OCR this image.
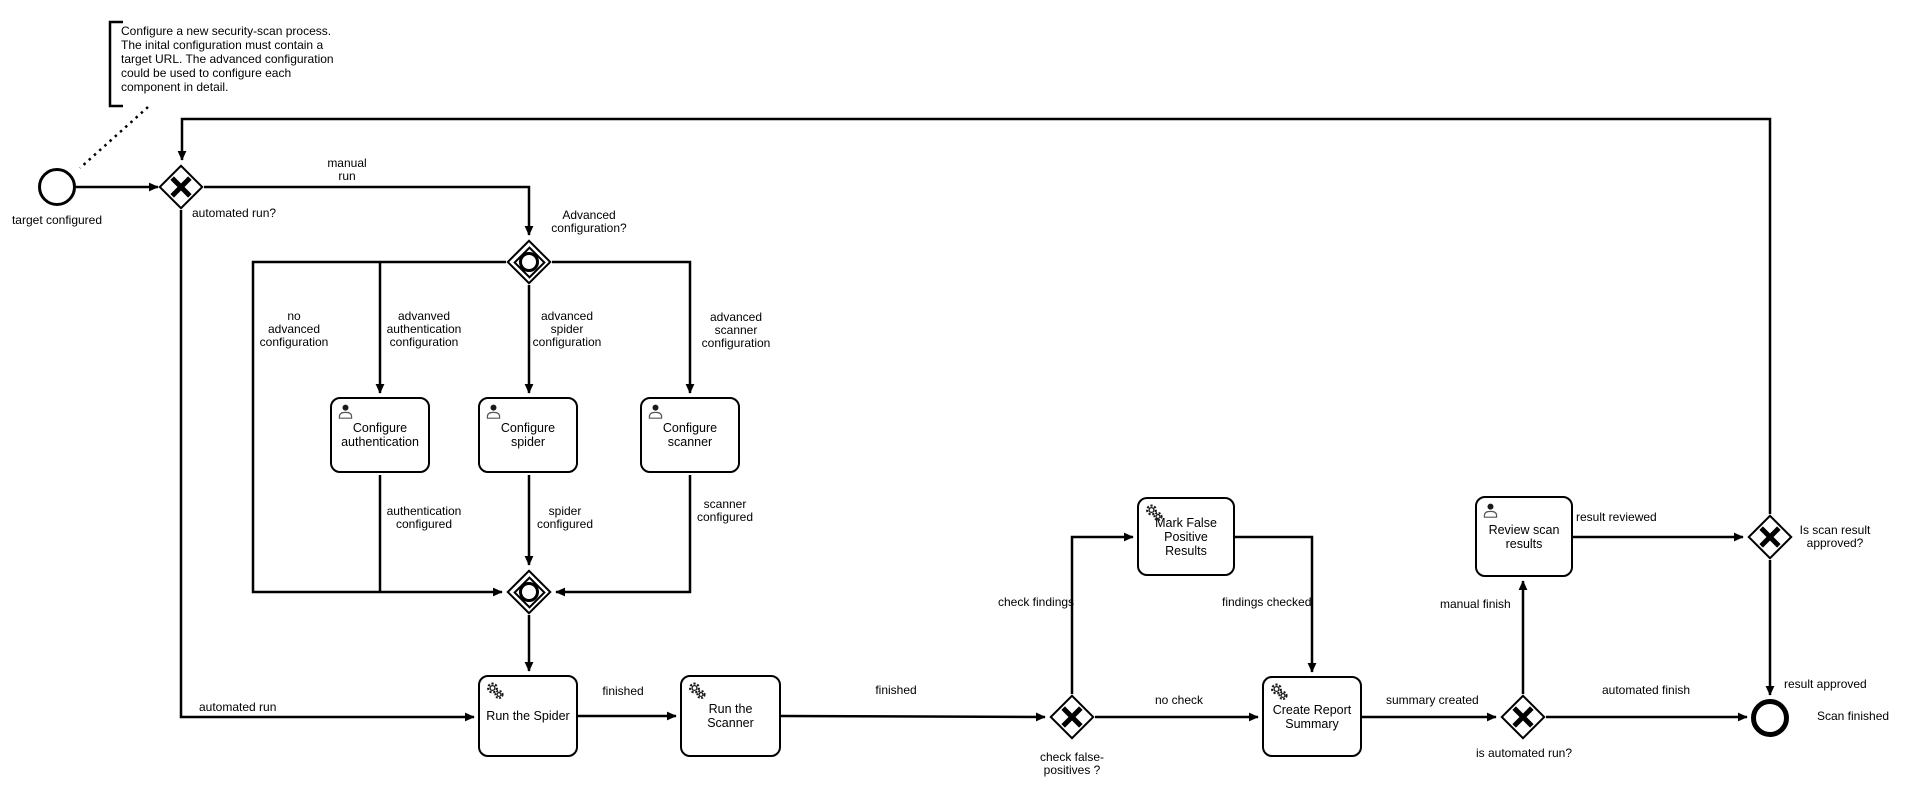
Configure a new security-scan process.
The inital configuration must contain a
target URL. The advanced configuration
could be used to configure each
component in detail.
target configured
Scan finished
automated run?	Advanced
configuration?
check false-
positives ?
is automated run?
Is scan result
approved?
Configure
authentication
Configure
spider
Configure
scanner
Run the Spider	Run the
Scanner
Mark False
Positive Results
Create Report
Summary
Review scan
results
manual
run
automated run
no
advanced
configuration
advanved
authentication
configuration
advanced
spider
configuration
advanced
scanner
configuration
authentication
configured
spider
configured
scanner
configured
finished	finished
check findings	findings checked
no check	summary created
manual finish
automated finish
result reviewed
result approved
